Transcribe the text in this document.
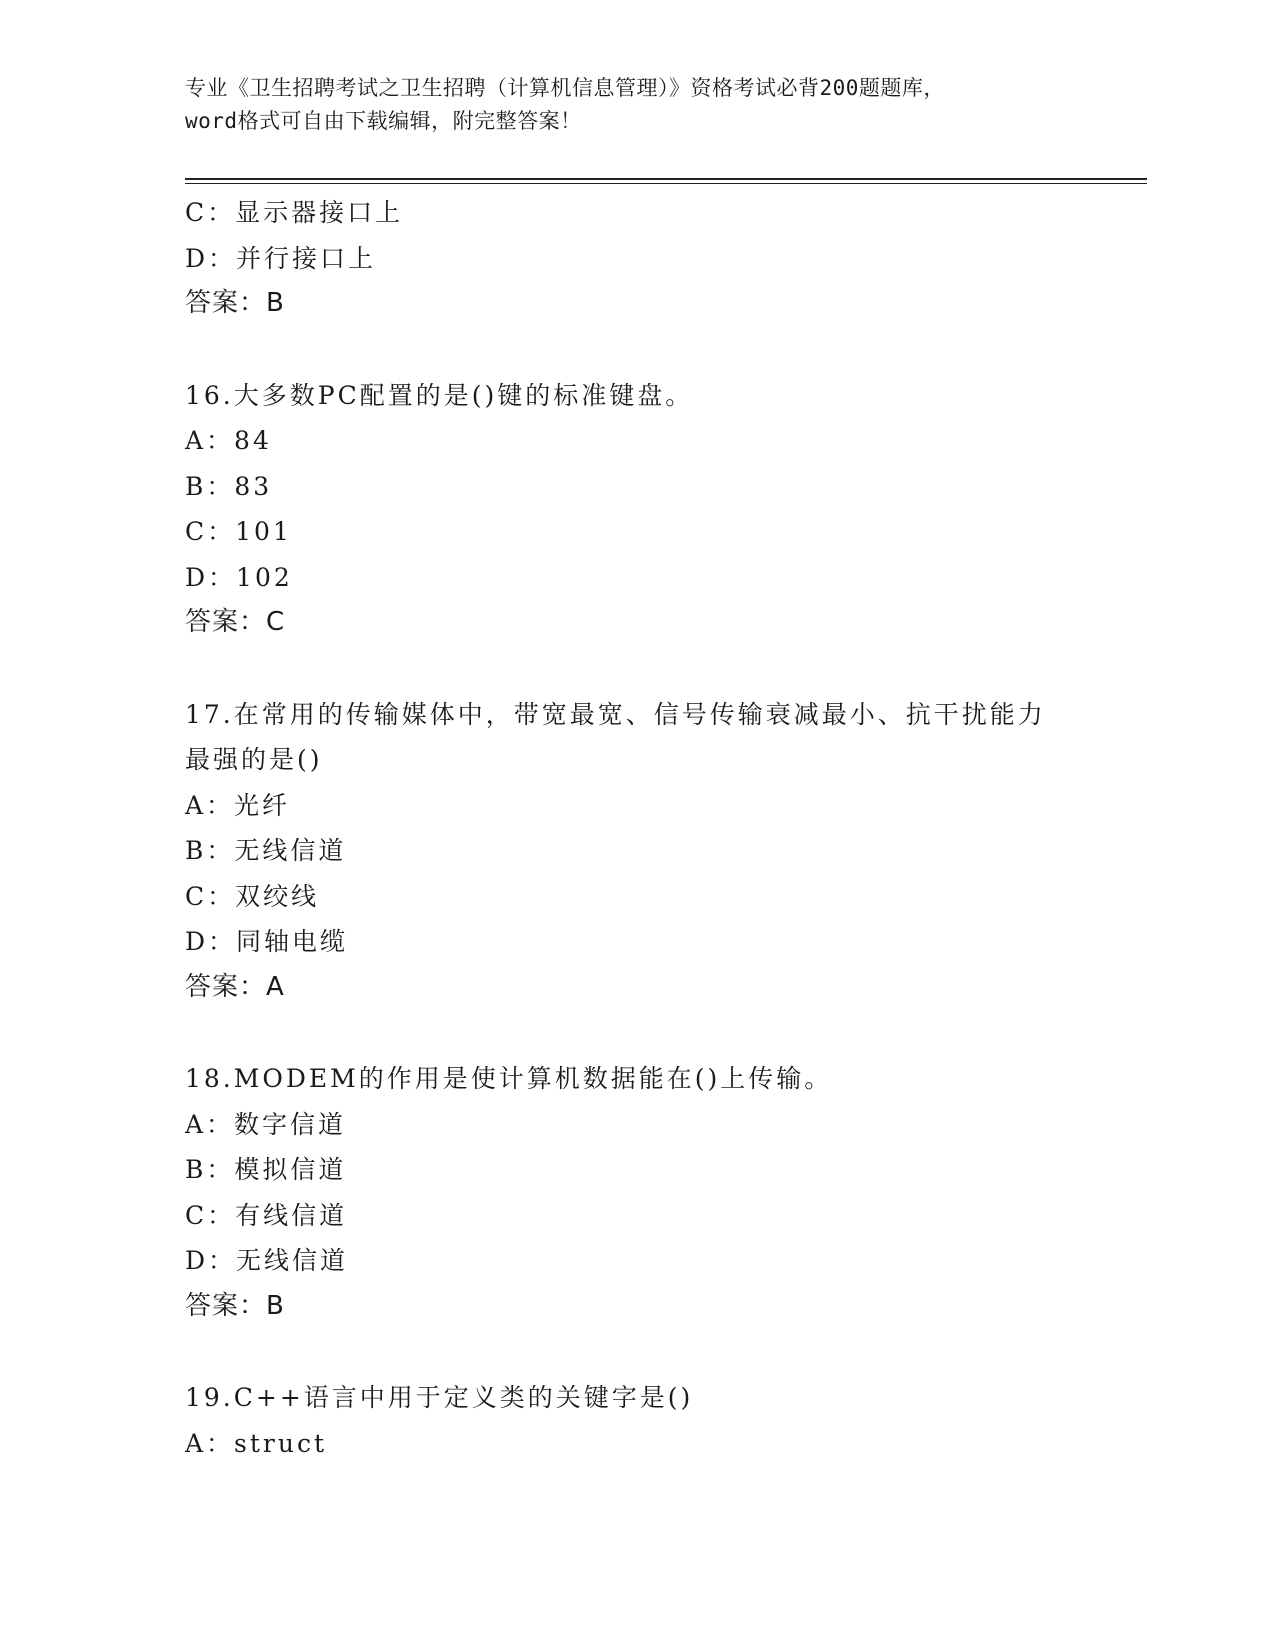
专业《卫生招聘考试之卫生招聘（计算机信息管理）》资格考试必背200题题库，
word格式可自由下载编辑，附完整答案！
C：显示器接口上
D：并行接口上
答案：B
16.大多数PC配置的是()键的标准键盘。
A：84
B：83
C：101
D：102
答案：C
17.在常用的传输媒体中，带宽最宽、信号传输衰减最小、抗干扰能力
最强的是()
A：光纤
B：无线信道
C：双绞线
D：同轴电缆
答案：A
18.MODEM的作用是使计算机数据能在()上传输。
A：数字信道
B：模拟信道
C：有线信道
D：无线信道
答案：B
19.C++语言中用于定义类的关键字是()
A：struct
